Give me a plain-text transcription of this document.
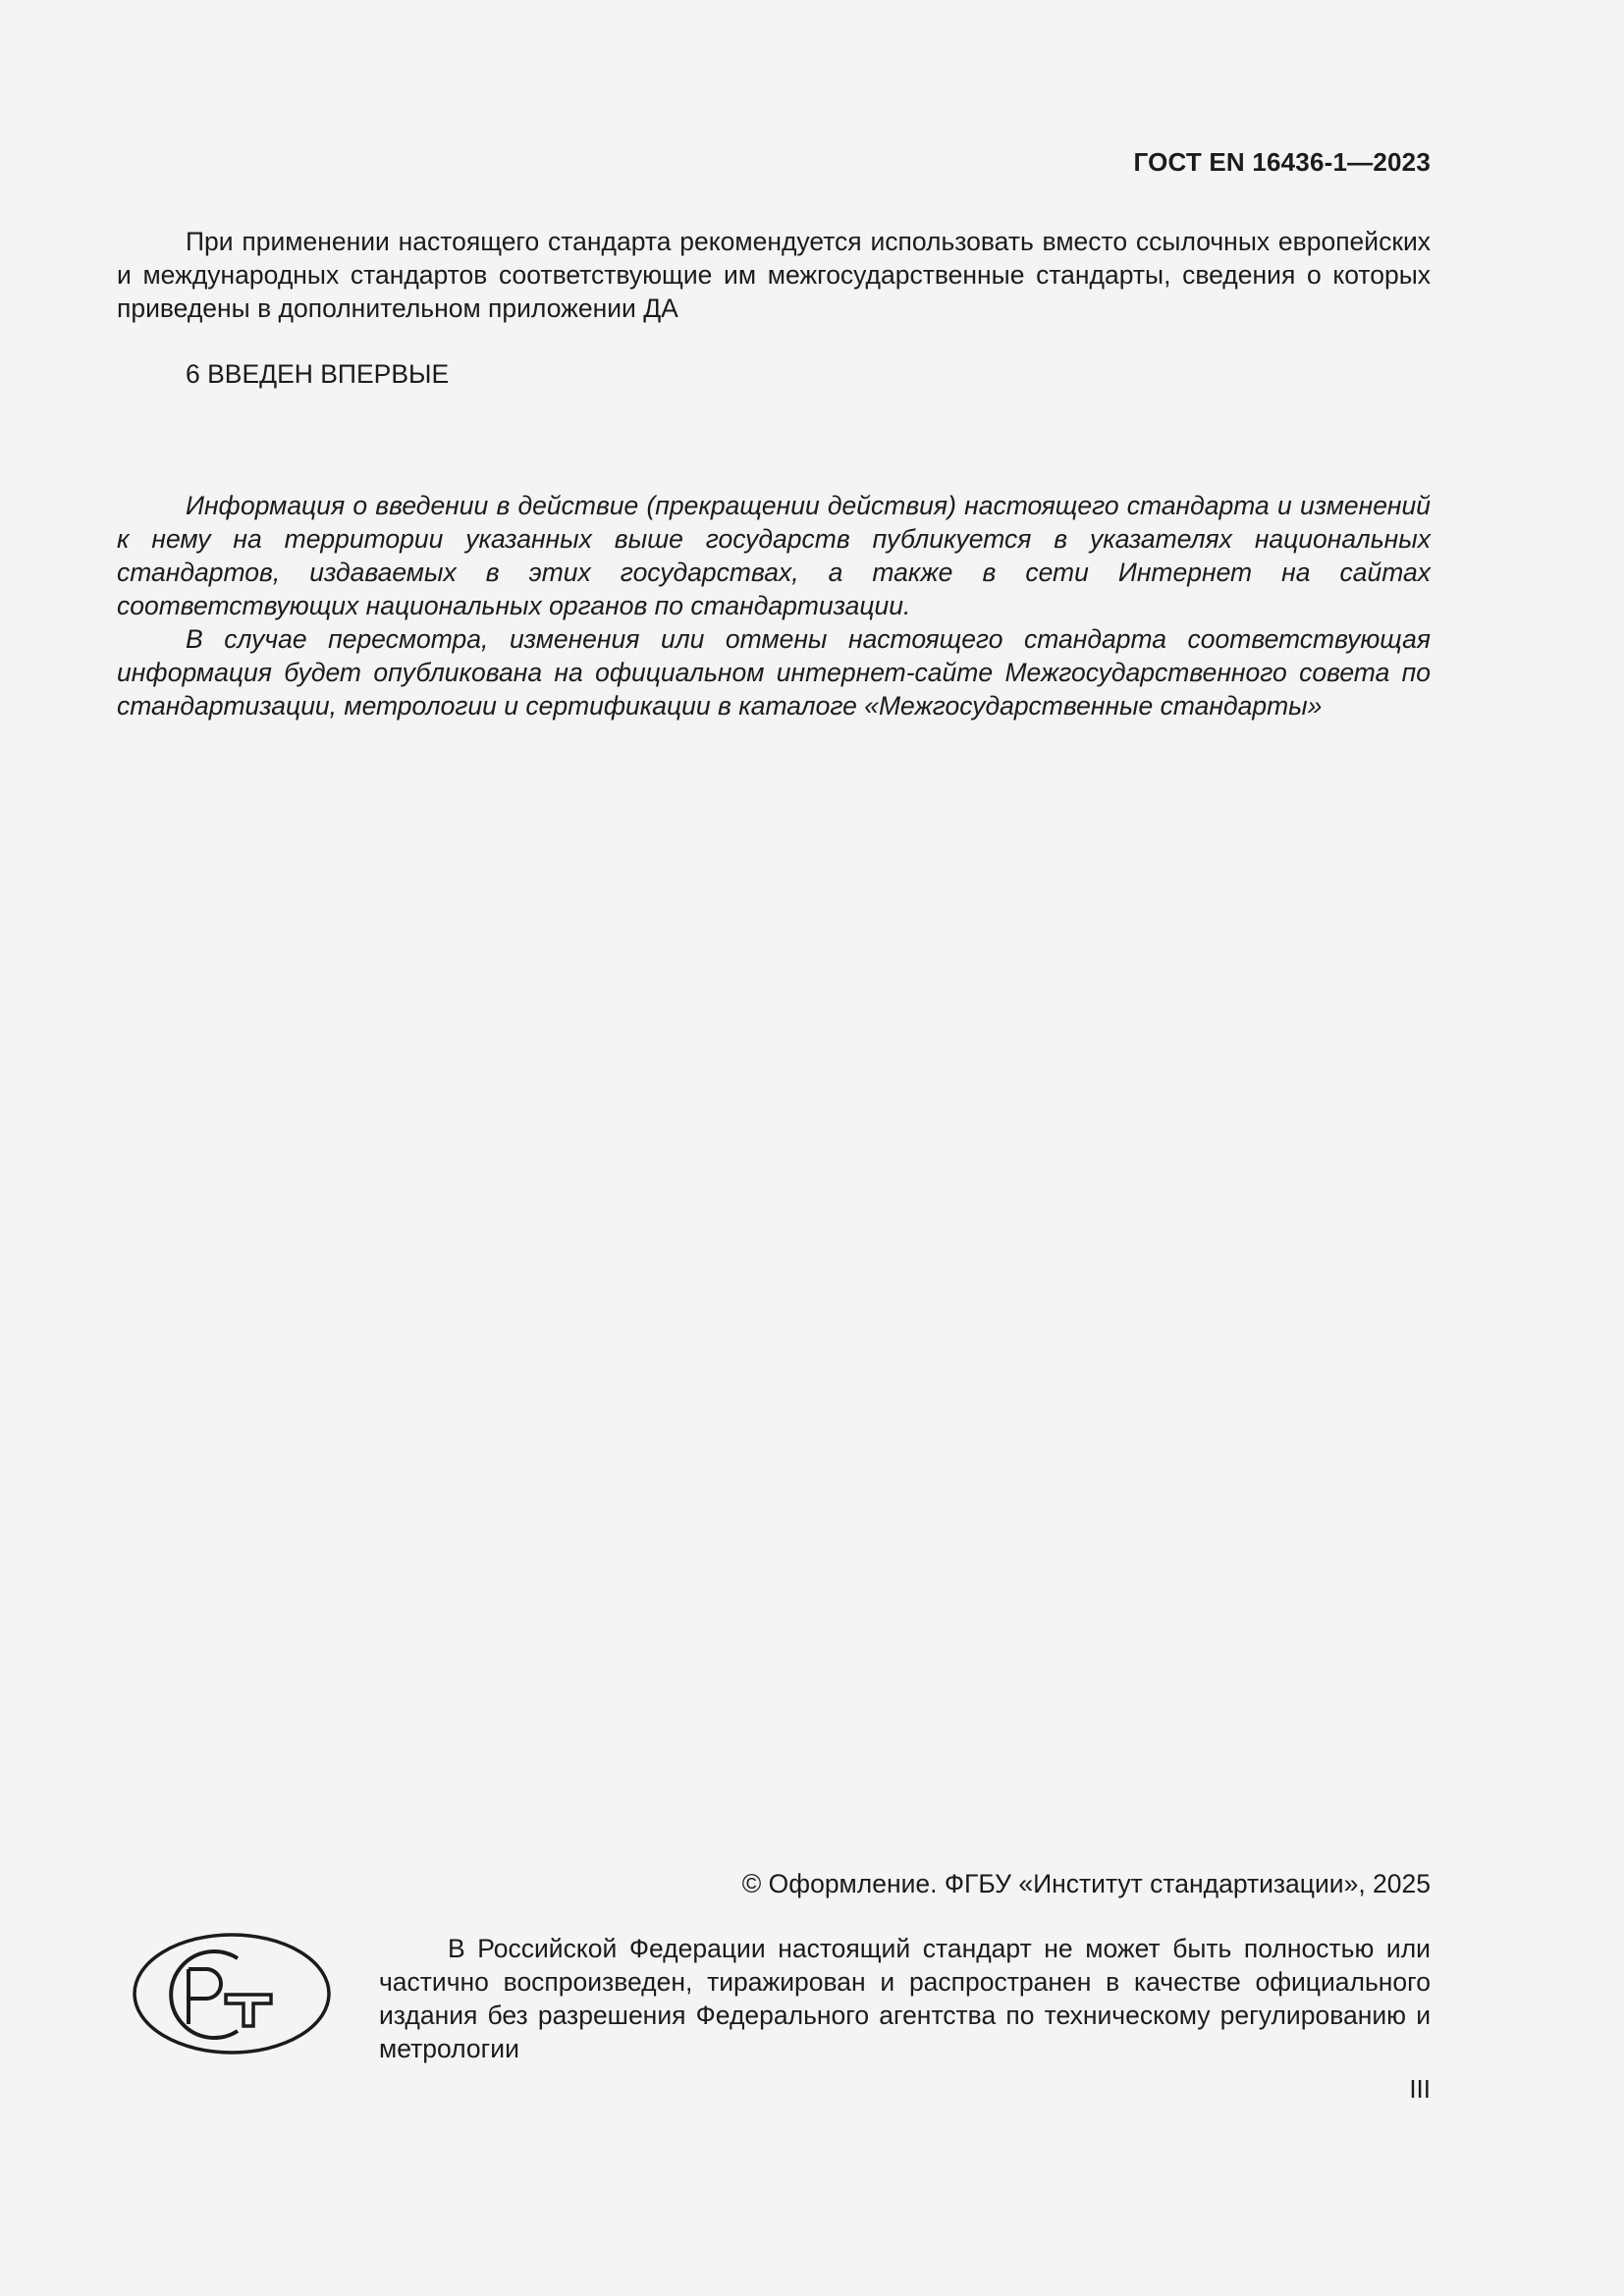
ГОСТ EN 16436-1—2023

При применении настоящего стандарта рекомендуется использовать вместо ссылочных европейских и международных стандартов соответствующие им межгосударственные стандарты, сведения о которых приведены в дополнительном приложении ДА

6 ВВЕДЕН ВПЕРВЫЕ

Информация о введении в действие (прекращении действия) настоящего стандарта и изменений к нему на территории указанных выше государств публикуется в указателях национальных стандартов, издаваемых в этих государствах, а также в сети Интернет на сайтах соответствующих национальных органов по стандартизации.

В случае пересмотра, изменения или отмены настоящего стандарта соответствующая информация будет опубликована на официальном интернет-сайте Межгосударственного совета по стандартизации, метрологии и сертификации в каталоге «Межгосударственные стандарты»

© Оформление. ФГБУ «Институт стандартизации», 2025

В Российской Федерации настоящий стандарт не может быть полностью или частично воспроизведен, тиражирован и распространен в качестве официального издания без разрешения Федерального агентства по техническому регулированию и метрологии

III
